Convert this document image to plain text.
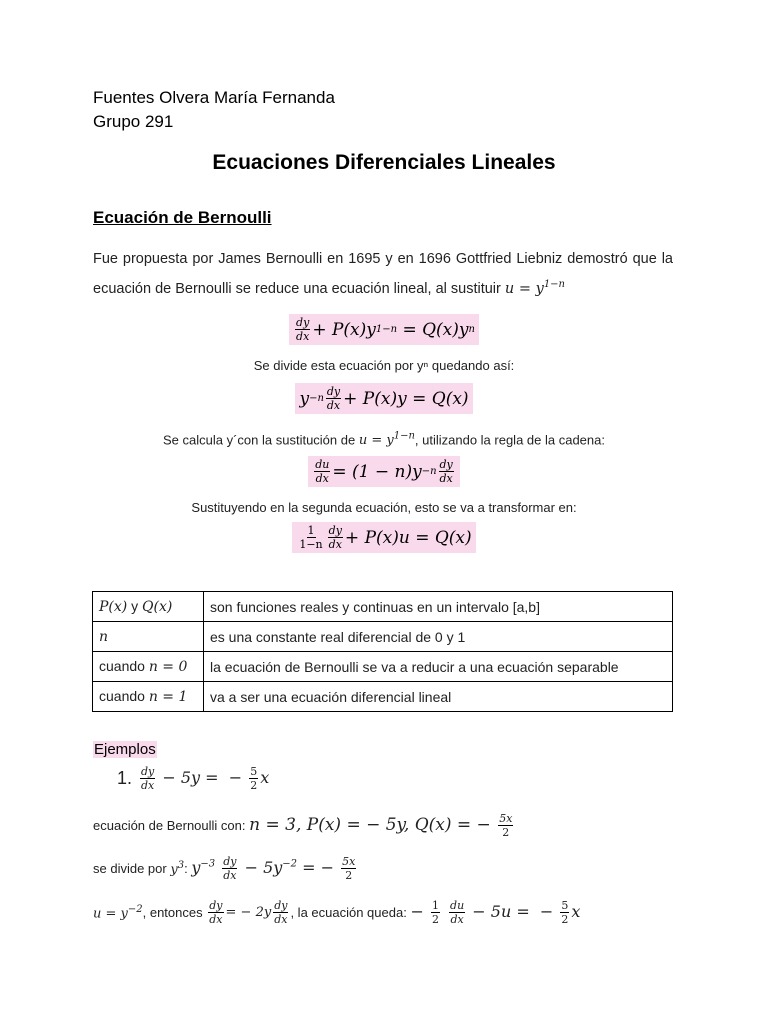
Fuentes Olvera María Fernanda
Grupo 291
Ecuaciones Diferenciales Lineales
Ecuación de Bernoulli
Fue propuesta por James Bernoulli en 1695 y en 1696 Gottfried Liebniz demostró que la ecuación de Bernoulli se reduce una ecuación lineal, al sustituir $u = y^{1-n}$
$\frac{dy}{dx} + P(x)y$ 1−n
= Q(x)y n
Se divide esta ecuación por yⁿ quedando así:
$y -n \frac{dy}{dx} + P(x)y = Q(x)$
Se calcula y´con la sustitución de $u = y^{1-n}$, utilizando la regla de la cadena:
$\frac{du}{dx} = (1 - n)y -n \frac{dy}{dx}$
Sustituyendo en la segunda ecuación, esto se va a transformar en:
$\frac{1}{1-n} \frac{dy}{dx} + P(x)u = Q(x)$
P(x) y Q(x)	son funciones reales y continuas en un intervalo [a,b]
n	es una constante real diferencial de 0 y 1
cuando n = 0	la ecuación de Bernoulli se va a reducir a una ecuación separable
cuando n = 1	va a ser una ecuación diferencial lineal
Ejemplos
1. $\frac{dy}{dx} - 5y$ = − $\frac{5}{2}$ x
ecuación de Bernoulli con:
n = 3, P(x) = − 5y, Q(x) = − $\frac{5x}{2}$
se divide por
$y^3$ :
$y^{-3} \frac{dy}{dx} - 5y^{-2}$ = − $\frac{5x}{2}$
$u = y^{-2}$ , entonces
$\frac{dy}{dx}$ = − $2y \frac{dy}{dx}$ , la ecuación queda:
− $\frac{1}{2}$
$\frac{du}{dx} - 5u$ = − $\frac{5}{2}$ x
